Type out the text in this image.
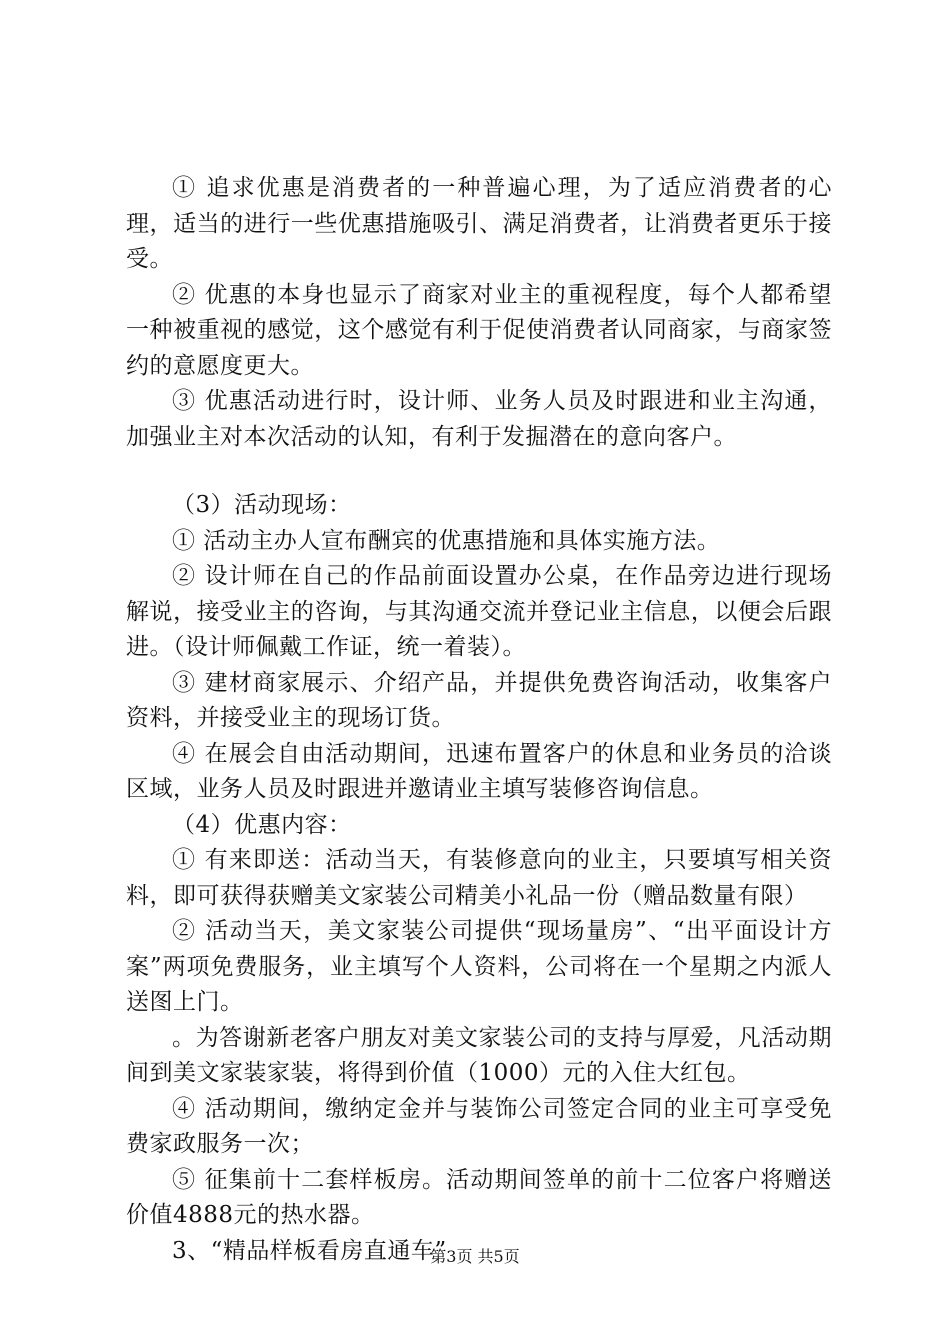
① 追求优惠是消费者的一种普遍心理，为了适应消费者的心理，适当的进行一些优惠措施吸引、满足消费者，让消费者更乐于接受。

② 优惠的本身也显示了商家对业主的重视程度，每个人都希望一种被重视的感觉，这个感觉有利于促使消费者认同商家，与商家签约的意愿度更大。

③ 优惠活动进行时，设计师、业务人员及时跟进和业主沟通，加强业主对本次活动的认知，有利于发掘潜在的意向客户。

（3）活动现场：

① 活动主办人宣布酬宾的优惠措施和具体实施方法。

② 设计师在自己的作品前面设置办公桌，在作品旁边进行现场解说，接受业主的咨询，与其沟通交流并登记业主信息，以便会后跟进。（设计师佩戴工作证，统一着装）。

③ 建材商家展示、介绍产品，并提供免费咨询活动，收集客户资料，并接受业主的现场订货。

④ 在展会自由活动期间，迅速布置客户的休息和业务员的洽谈区域，业务人员及时跟进并邀请业主填写装修咨询信息。

（4）优惠内容：

① 有来即送：活动当天，有装修意向的业主，只要填写相关资料，即可获得获赠美文家装公司精美小礼品一份（赠品数量有限）

② 活动当天，美文家装公司提供“现场量房”、“出平面设计方案”两项免费服务，业主填写个人资料，公司将在一个星期之内派人送图上门。

。为答谢新老客户朋友对美文家装公司的支持与厚爱，凡活动期间到美文家装家装，将得到价值（1000）元的入住大红包。

④ 活动期间，缴纳定金并与装饰公司签定合同的业主可享受免费家政服务一次；

⑤ 征集前十二套样板房。活动期间签单的前十二位客户将赠送价值4888元的热水器。

3、“精品样板看房直通车”

第3页 共5页
